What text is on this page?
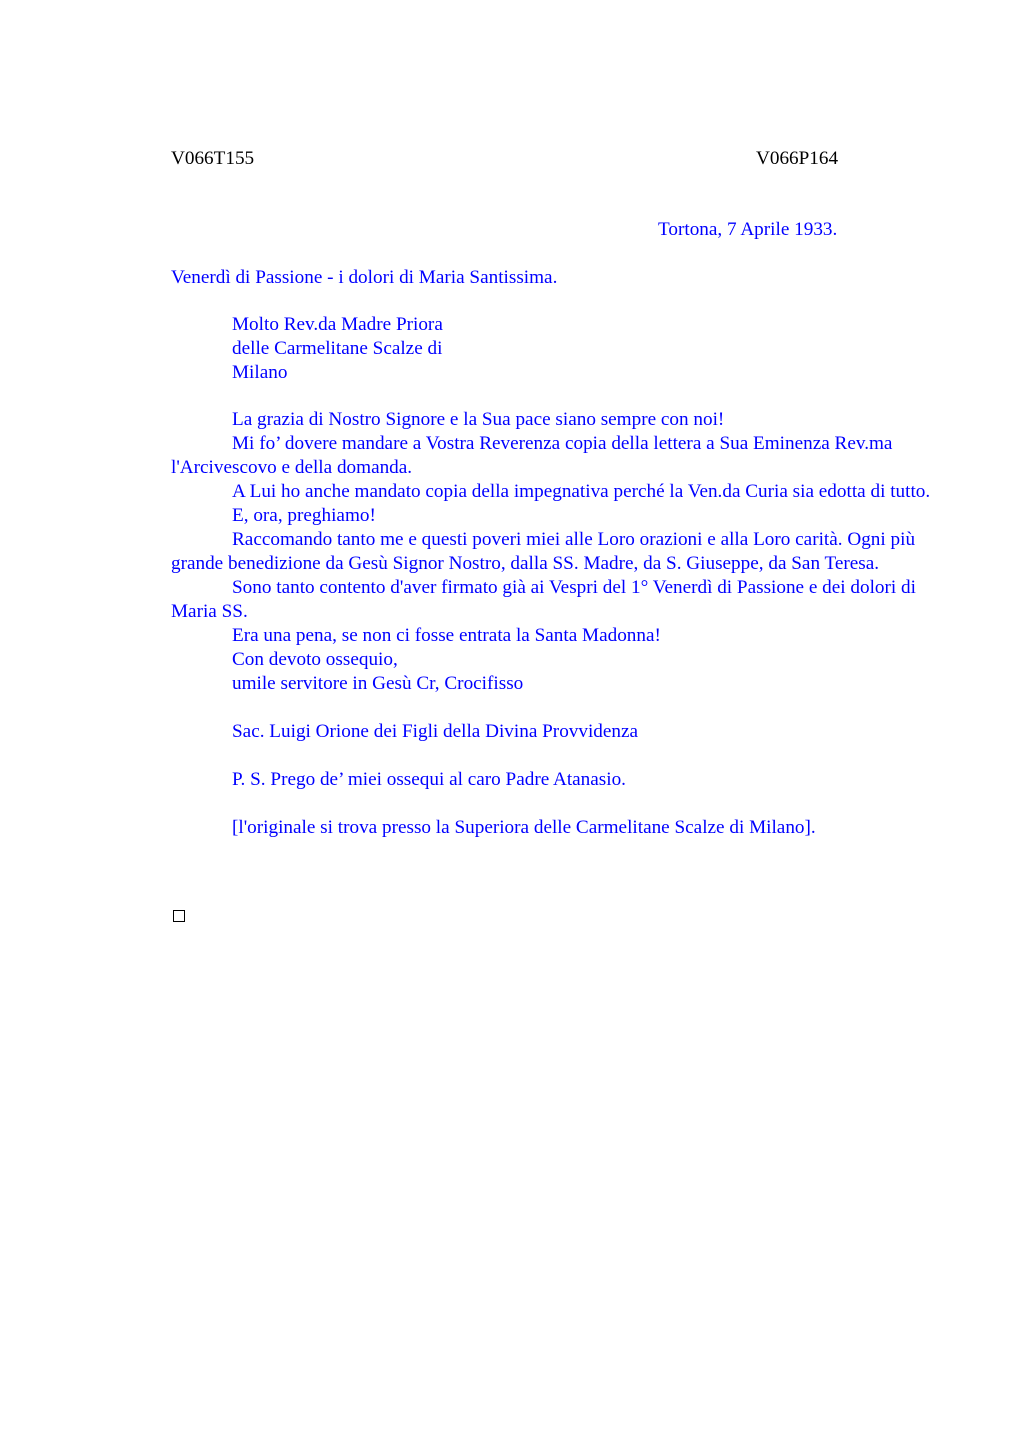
V066T155	V066P164
Tortona, 7 Aprile 1933.
Venerdì di Passione - i dolori di Maria Santissima.
Molto Rev.da Madre Priora
delle Carmelitane Scalze di
Milano

La grazia di Nostro Signore e la Sua pace siano sempre con noi!

Mi fo’ dovere mandare a Vostra Reverenza copia della lettera a Sua Eminenza Rev.ma l'Arcivescovo e della domanda.

A Lui ho anche mandato copia della impegnativa perché la Ven.da Curia sia edotta di tutto.

E, ora, preghiamo!

Raccomando tanto me e questi poveri miei alle Loro orazioni e alla Loro carità. Ogni più grande benedizione da Gesù Signor Nostro, dalla SS. Madre, da S. Giuseppe, da San Teresa.

Sono tanto contento d'aver firmato già ai Vespri del 1° Venerdì di Passione e dei dolori di Maria SS.

Era una pena, se non ci fosse entrata la Santa Madonna!

Con devoto ossequio,

umile servitore in Gesù Cr, Crocifisso

Sac. Luigi Orione dei Figli della Divina Provvidenza

P. S. Prego de’ miei ossequi al caro Padre Atanasio.

[l'originale si trova presso la Superiora delle Carmelitane Scalze di Milano].
